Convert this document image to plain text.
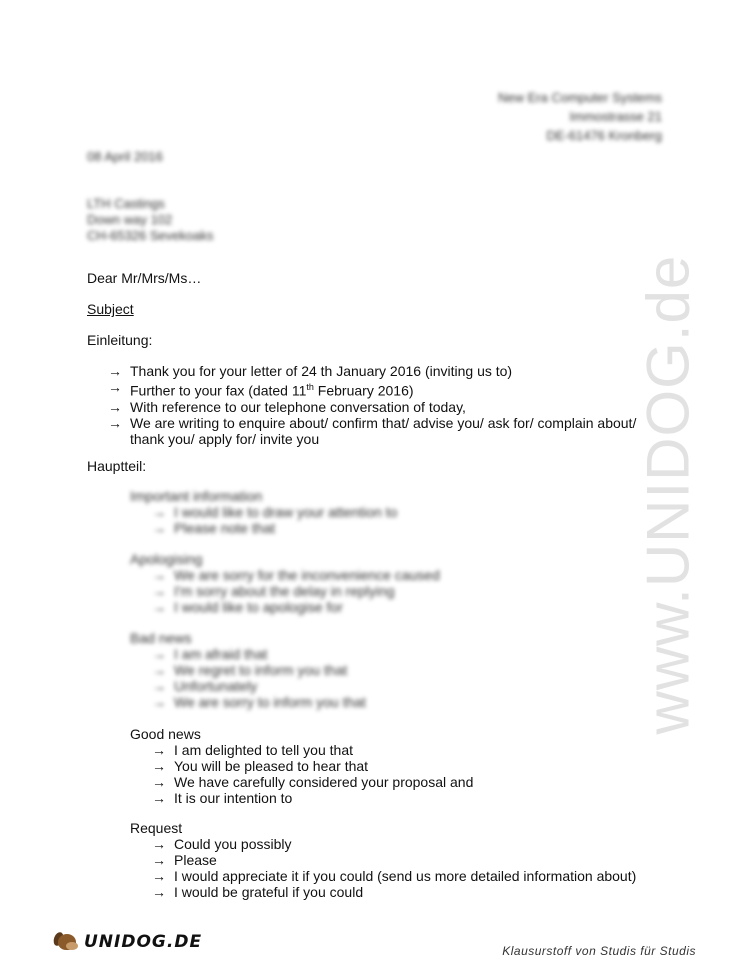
www.UNIDOG.de
New Era Computer Systems
Immostrasse 21
DE-61476 Kronberg
08 April 2016
LTH Castings
Down way 102
CH-65326 Sevekoaks
Dear Mr/Mrs/Ms…
Subject
Einleitung:
→ Thank you for your letter of 24 th January 2016 (inviting us to)
→ Further to your fax (dated 11th February 2016)
→ With reference to our telephone conversation of today,
→ We are writing to enquire about/ confirm that/ advise you/ ask for/ complain about/ thank you/ apply for/ invite you
Hauptteil:
Important information
→ I would like to draw your attention to
→ Please note that
Apologising
→ We are sorry for the inconvenience caused
→ I'm sorry about the delay in replying
→ I would like to apologise for
Bad news
→ I am afraid that
→ We regret to inform you that
→ Unfortunately
→ We are sorry to inform you that
Good news
→ I am delighted to tell you that
→ You will be pleased to hear that
→ We have carefully considered your proposal and
→ It is our intention to
Request
→ Could you possibly
→ Please
→ I would appreciate it if you could (send us more detailed information about)
→ I would be grateful if you could
UNIDOG.DE	Klausurstoff von Studis für Studis
